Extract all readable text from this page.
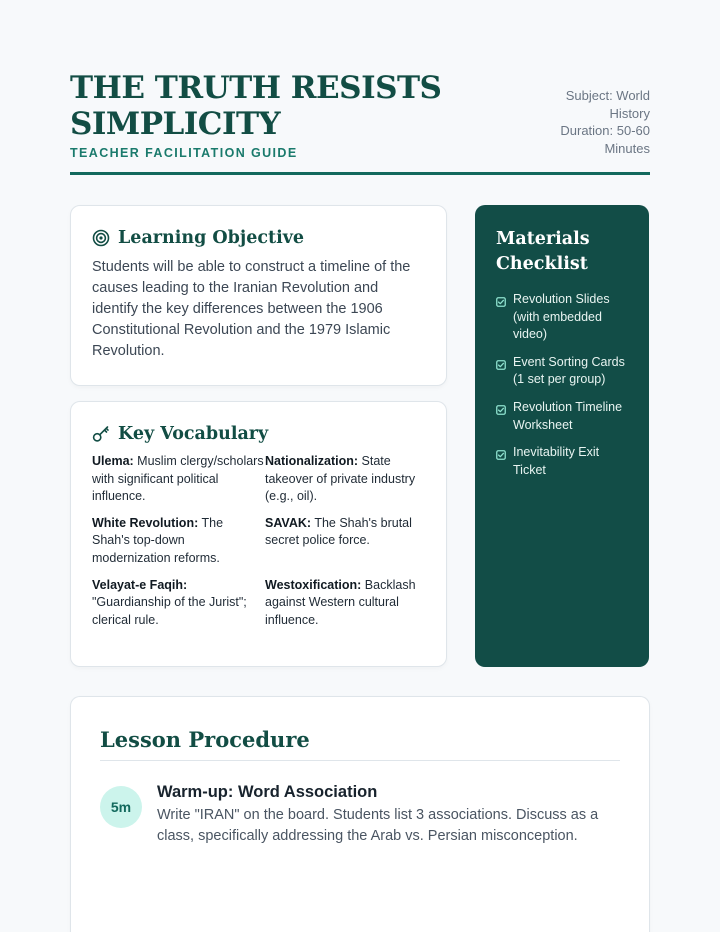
THE TRUTH RESISTS SIMPLICITY
TEACHER FACILITATION GUIDE
Subject: World History
Duration: 50-60 Minutes
Learning Objective

Students will be able to construct a timeline of the causes leading to the Iranian Revolution and identify the key differences between the 1906 Constitutional Revolution and the 1979 Islamic Revolution.

Key Vocabulary
Ulema: Muslim clergy/scholars with significant political influence.
Nationalization: State takeover of private industry (e.g., oil).
White Revolution: The Shah's top-down modernization reforms.
SAVAK: The Shah's brutal secret police force.
Velayat-e Faqih: "Guardianship of the Jurist"; clerical rule.
Westoxification: Backlash against Western cultural influence.
Materials Checklist
Revolution Slides (with embedded video)
Event Sorting Cards (1 set per group)
Revolution Timeline Worksheet
Inevitability Exit Ticket
Lesson Procedure
5m

Warm-up: Word Association

Write "IRAN" on the board. Students list 3 associations. Discuss as a class, specifically addressing the Arab vs. Persian misconception.
